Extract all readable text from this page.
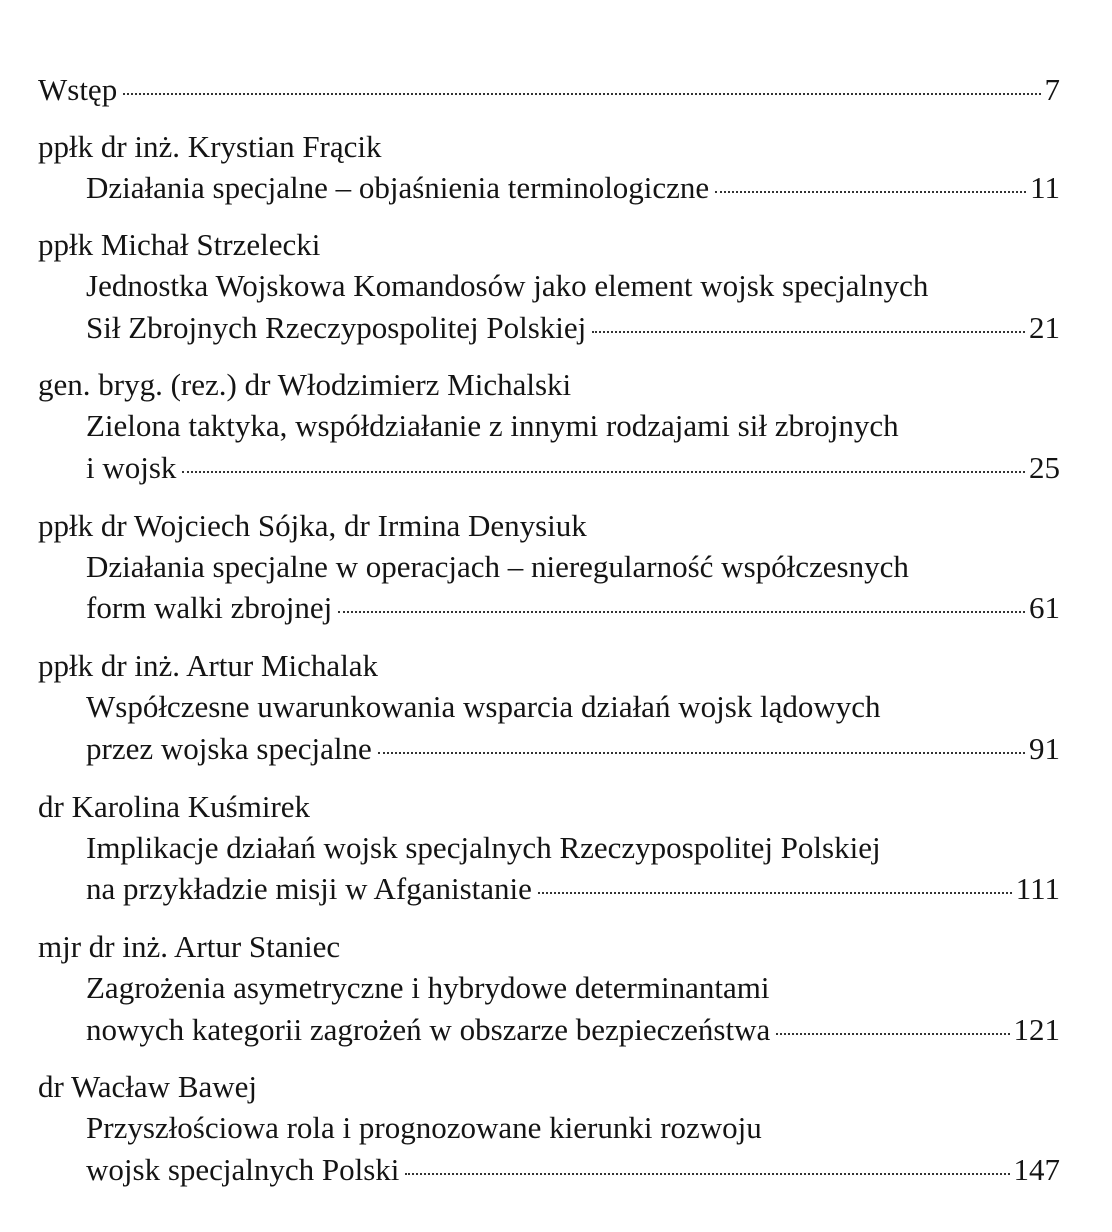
Wstęp	7
ppłk dr inż. Krystian Frącik
Działania specjalne – objaśnienia terminologiczne	11
ppłk Michał Strzelecki
Jednostka Wojskowa Komandosów jako element wojsk specjalnych
Sił Zbrojnych Rzeczypospolitej Polskiej	21
gen. bryg. (rez.) dr Włodzimierz Michalski
Zielona taktyka, współdziałanie z innymi rodzajami sił zbrojnych
i wojsk	25
ppłk dr Wojciech Sójka, dr Irmina Denysiuk
Działania specjalne w operacjach – nieregularność współczesnych
form walki zbrojnej	61
ppłk dr inż. Artur Michalak
Współczesne uwarunkowania wsparcia działań wojsk lądowych
przez wojska specjalne	91
dr Karolina Kuśmirek
Implikacje działań wojsk specjalnych Rzeczypospolitej Polskiej
na przykładzie misji w Afganistanie	111
mjr dr inż. Artur Staniec
Zagrożenia asymetryczne i hybrydowe determinantami
nowych kategorii zagrożeń w obszarze bezpieczeństwa	121
dr Wacław Bawej
Przyszłościowa rola i prognozowane kierunki rozwoju
wojsk specjalnych Polski	147
